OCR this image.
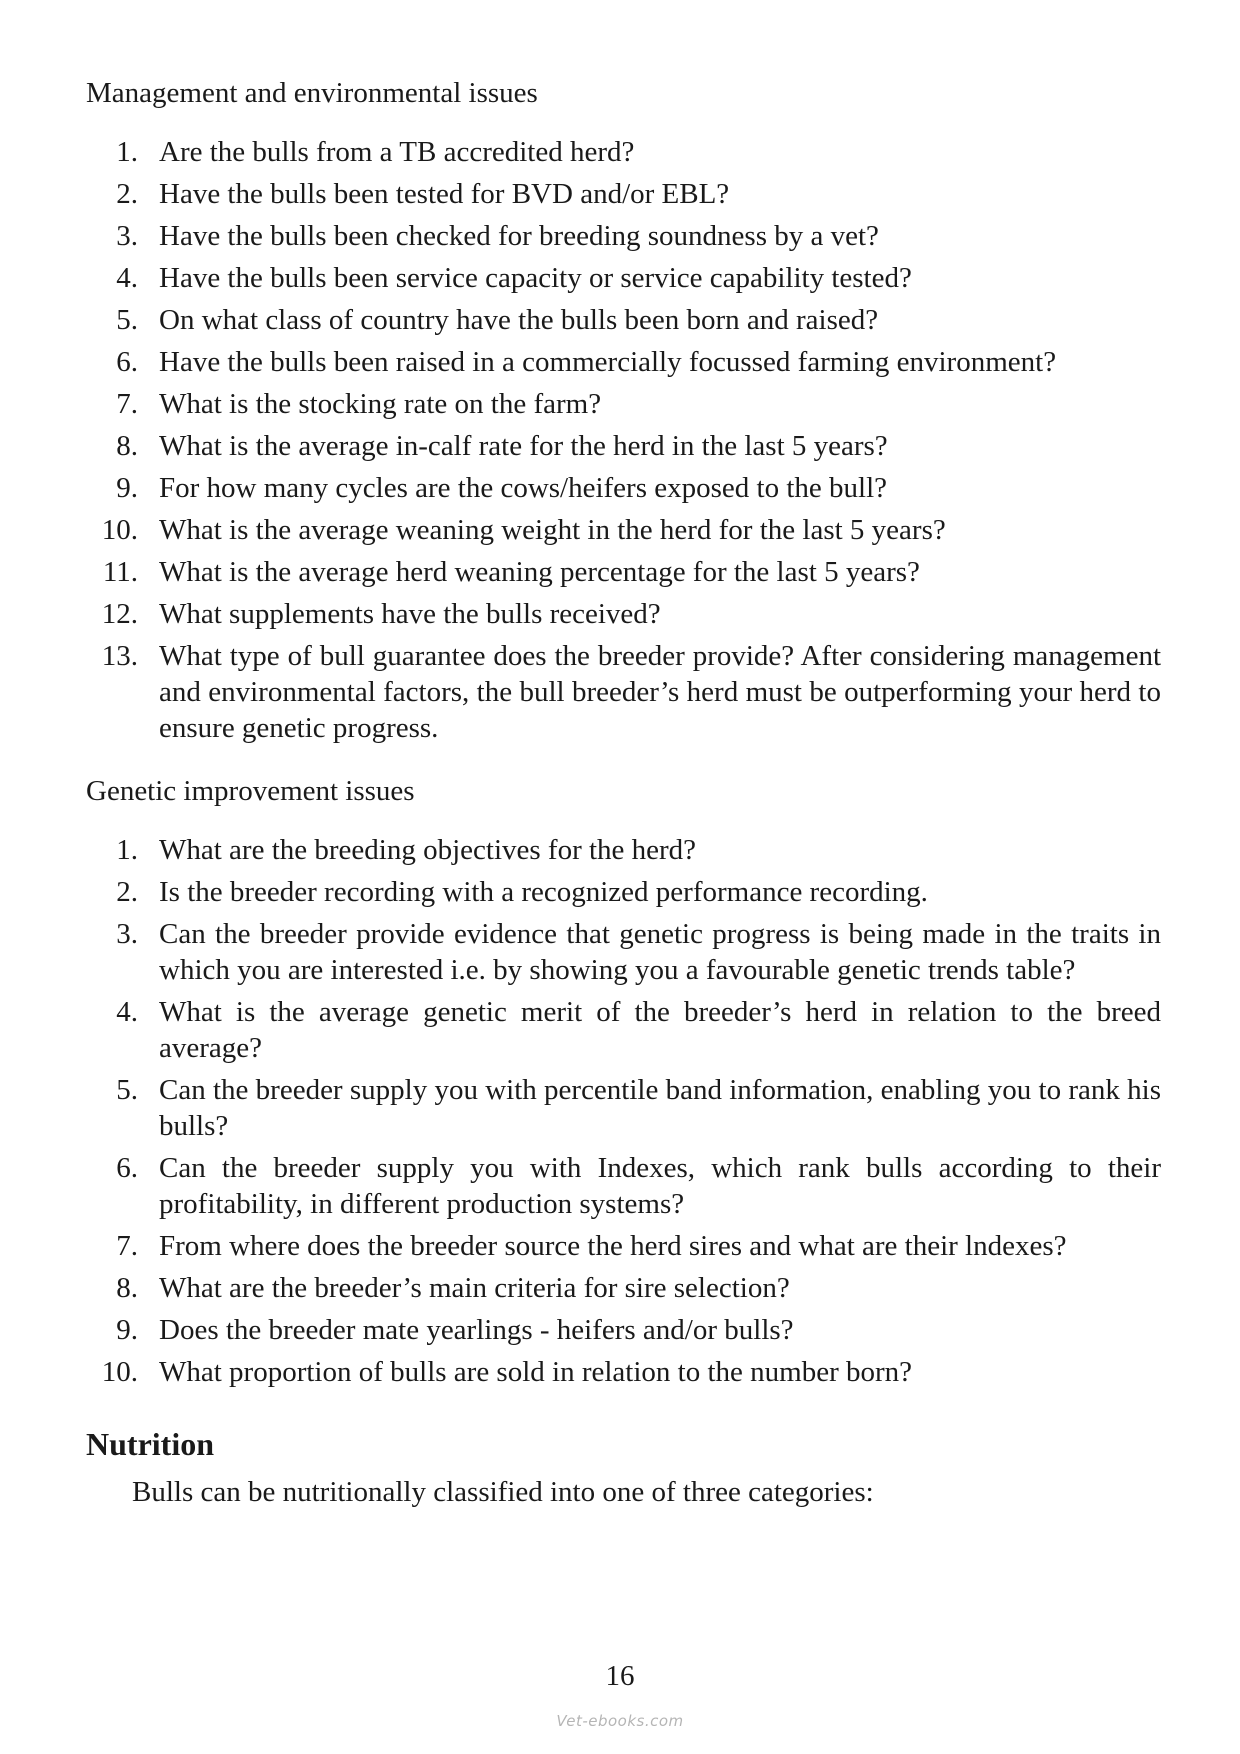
Management and environmental issues
1. Are the bulls from a TB accredited herd?
2. Have the bulls been tested for BVD and/or EBL?
3. Have the bulls been checked for breeding soundness by a vet?
4. Have the bulls been service capacity or service capability tested?
5. On what class of country have the bulls been born and raised?
6. Have the bulls been raised in a commercially focussed farming environment?
7. What is the stocking rate on the farm?
8. What is the average in-calf rate for the herd in the last 5 years?
9. For how many cycles are the cows/heifers exposed to the bull?
10. What is the average weaning weight in the herd for the last 5 years?
11. What is the average herd weaning percentage for the last 5 years?
12. What supplements have the bulls received?
13. What type of bull guarantee does the breeder provide? After considering management and environmental factors, the bull breeder’s herd must be outperforming your herd to ensure genetic progress.
Genetic improvement issues
1. What are the breeding objectives for the herd?
2. Is the breeder recording with a recognized performance recording.
3. Can the breeder provide evidence that genetic progress is being made in the traits in which you are interested i.e. by showing you a favourable genetic trends table?
4. What is the average genetic merit of the breeder’s herd in relation to the breed average?
5. Can the breeder supply you with percentile band information, enabling you to rank his bulls?
6. Can the breeder supply you with Indexes, which rank bulls according to their profitability, in different production systems?
7. From where does the breeder source the herd sires and what are their lndexes?
8. What are the breeder’s main criteria for sire selection?
9. Does the breeder mate yearlings - heifers and/or bulls?
10. What proportion of bulls are sold in relation to the number born?
Nutrition

Bulls can be nutritionally classified into one of three categories:

16
Vet-ebooks.com
